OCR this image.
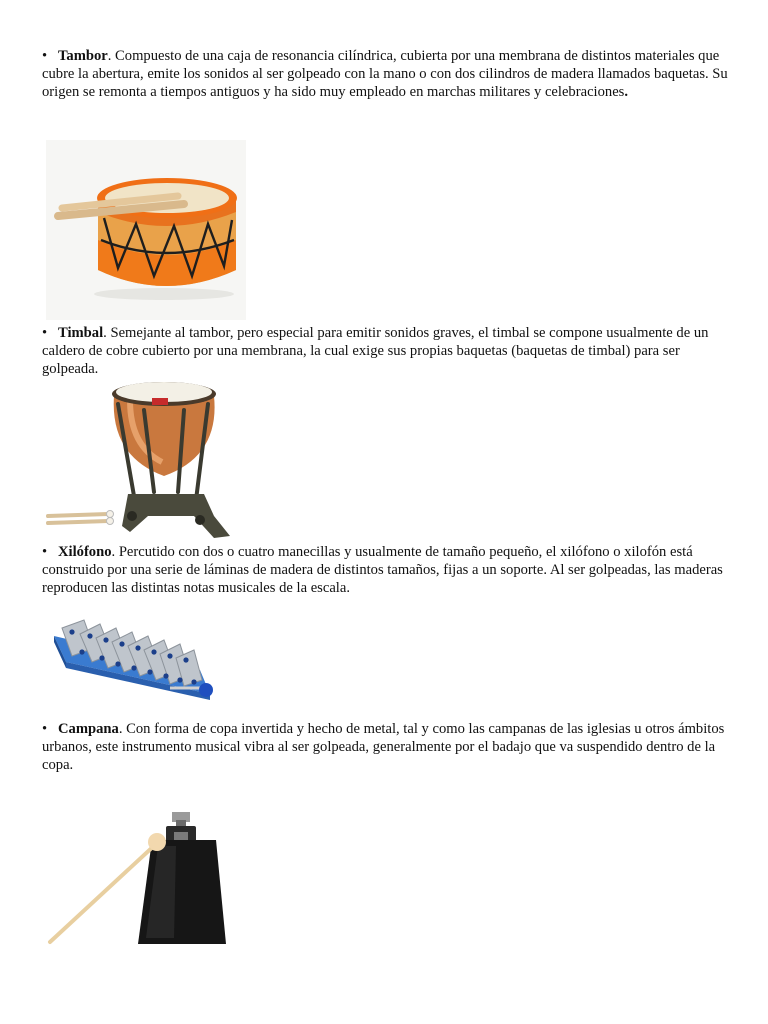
• Tambor. Compuesto de una caja de resonancia cilíndrica, cubierta por una membrana de distintos materiales que cubre la abertura, emite los sonidos al ser golpeado con la mano o con dos cilindros de madera llamados baquetas. Su origen se remonta a tiempos antiguos y ha sido muy empleado en marchas militares y celebraciones.

• Timbal. Semejante al tambor, pero especial para emitir sonidos graves, el timbal se compone usualmente de un caldero de cobre cubierto por una membrana, la cual exige sus propias baquetas (baquetas de timbal) para ser golpeada.

• Xilófono. Percutido con dos o cuatro manecillas y usualmente de tamaño pequeño, el xilófono o xilofón está construido por una serie de láminas de madera de distintos tamaños, fijas a un soporte. Al ser golpeadas, las maderas reproducen las distintas notas musicales de la escala.

• Campana. Con forma de copa invertida y hecho de metal, tal y como las campanas de las iglesias u otros ámbitos urbanos, este instrumento musical vibra al ser golpeada, generalmente por el badajo que va suspendido dentro de la copa.
